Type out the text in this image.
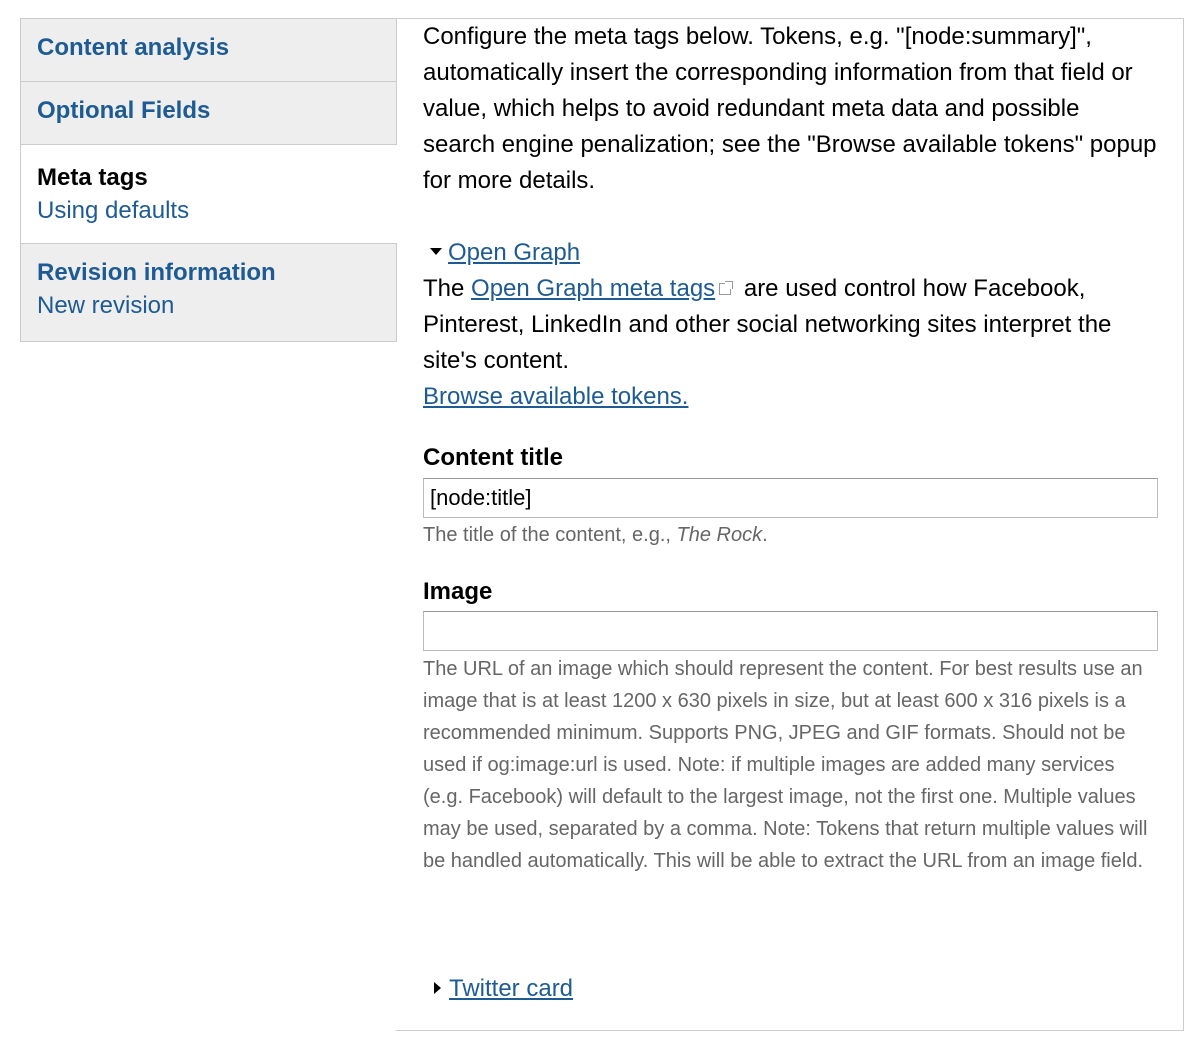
Content analysis
Optional Fields
Meta tags
Using defaults
Revision information
New revision

Configure the meta tags below. Tokens, e.g. "[node:summary]", automatically insert the corresponding information from that field or value, which helps to avoid redundant meta data and possible search engine penalization; see the "Browse available tokens" popup for more details.

Open Graph
The Open Graph meta tags are used control how Facebook, Pinterest, LinkedIn and other social networking sites interpret the site's content.
Browse available tokens.
Content title
[node:title]
The title of the content, e.g., The Rock.
Image
The URL of an image which should represent the content. For best results use an image that is at least 1200 x 630 pixels in size, but at least 600 x 316 pixels is a recommended minimum. Supports PNG, JPEG and GIF formats. Should not be used if og:image:url is used. Note: if multiple images are added many services (e.g. Facebook) will default to the largest image, not the first one. Multiple values may be used, separated by a comma. Note: Tokens that return multiple values will be handled automatically. This will be able to extract the URL from an image field.
Twitter card
